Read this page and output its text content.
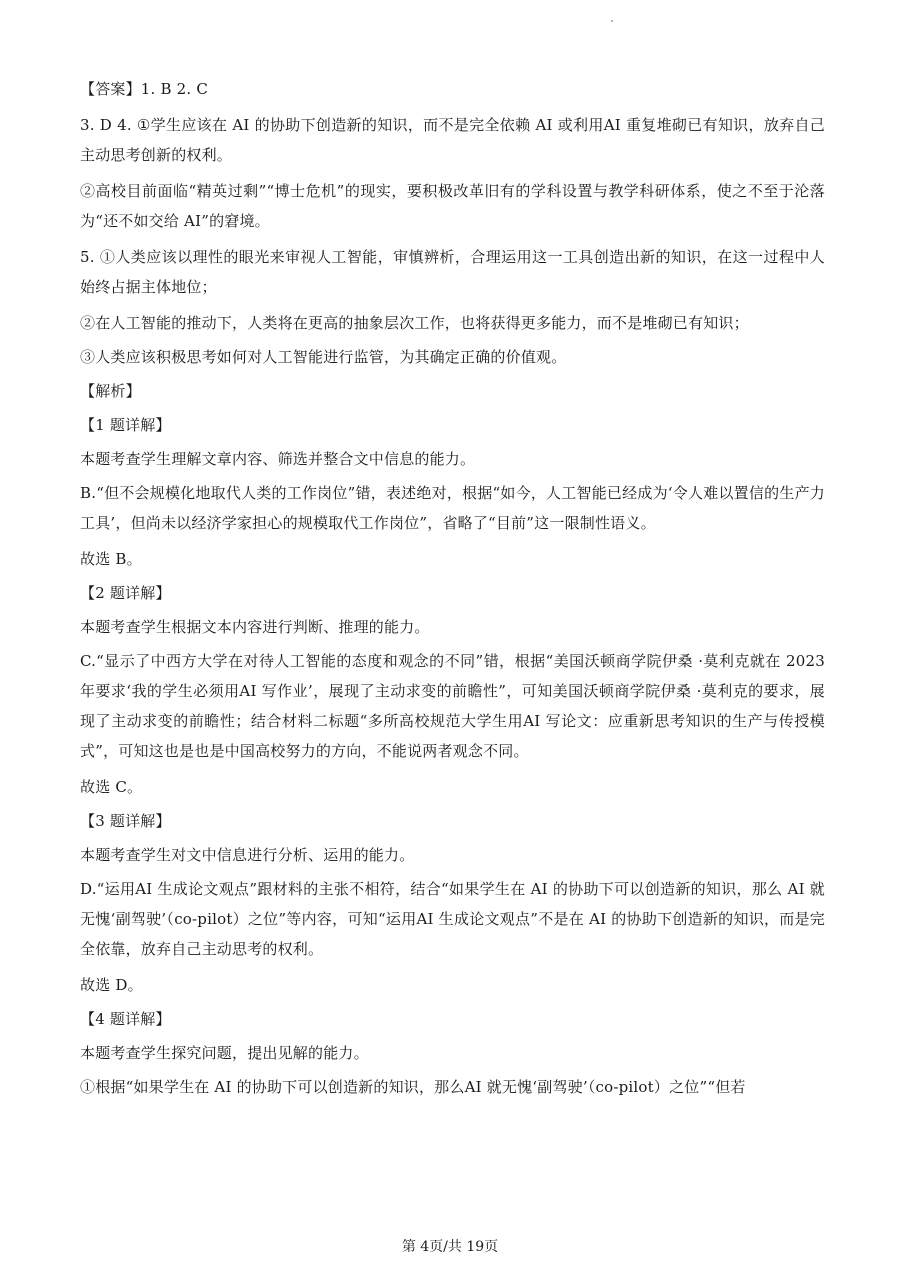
【答案】1. B 2. C

3. D 4. ①学生应该在 AI 的协助下创造新的知识，而不是完全依赖 AI 或利用AI 重复堆砌已有知识，放弃自己主动思考创新的权利。

②高校目前面临“精英过剩”“博士危机”的现实，要积极改革旧有的学科设置与教学科研体系，使之不至于沦落为“还不如交给 AI”的窘境。

5. ①人类应该以理性的眼光来审视人工智能，审慎辨析，合理运用这一工具创造出新的知识，在这一过程中人始终占据主体地位；

②在人工智能的推动下，人类将在更高的抽象层次工作，也将获得更多能力，而不是堆砌已有知识；

③人类应该积极思考如何对人工智能进行监管，为其确定正确的价值观。

【解析】

【1 题详解】

本题考查学生理解文章内容、筛选并整合文中信息的能力。

B.“但不会规模化地取代人类的工作岗位”错，表述绝对，根据“如今，人工智能已经成为‘令人难以置信的生产力工具’，但尚未以经济学家担心的规模取代工作岗位”，省略了“目前”这一限制性语义。

故选 B。

【2 题详解】

本题考查学生根据文本内容进行判断、推理的能力。

C.“显示了中西方大学在对待人工智能的态度和观念的不同”错，根据“美国沃顿商学院伊桑 ·莫利克就在 2023 年要求‘我的学生必须用AI 写作业’，展现了主动求变的前瞻性”，可知美国沃顿商学院伊桑 ·莫利克的要求，展现了主动求变的前瞻性；结合材料二标题“多所高校规范大学生用AI 写论文：应重新思考知识的生产与传授模式”，可知这也是也是中国高校努力的方向，不能说两者观念不同。

故选 C。

【3 题详解】

本题考查学生对文中信息进行分析、运用的能力。

D.“运用AI 生成论文观点”跟材料的主张不相符，结合“如果学生在 AI 的协助下可以创造新的知识，那么 AI 就无愧‘副驾驶’（co-pilot）之位”等内容，可知“运用AI 生成论文观点”不是在 AI 的协助下创造新的知识，而是完全依靠，放弃自己主动思考的权利。

故选 D。

【4 题详解】

本题考查学生探究问题，提出见解的能力。

①根据“如果学生在 AI 的协助下可以创造新的知识，那么AI 就无愧‘副驾驶’（co-pilot）之位”“但若

第 4页/共 19页
